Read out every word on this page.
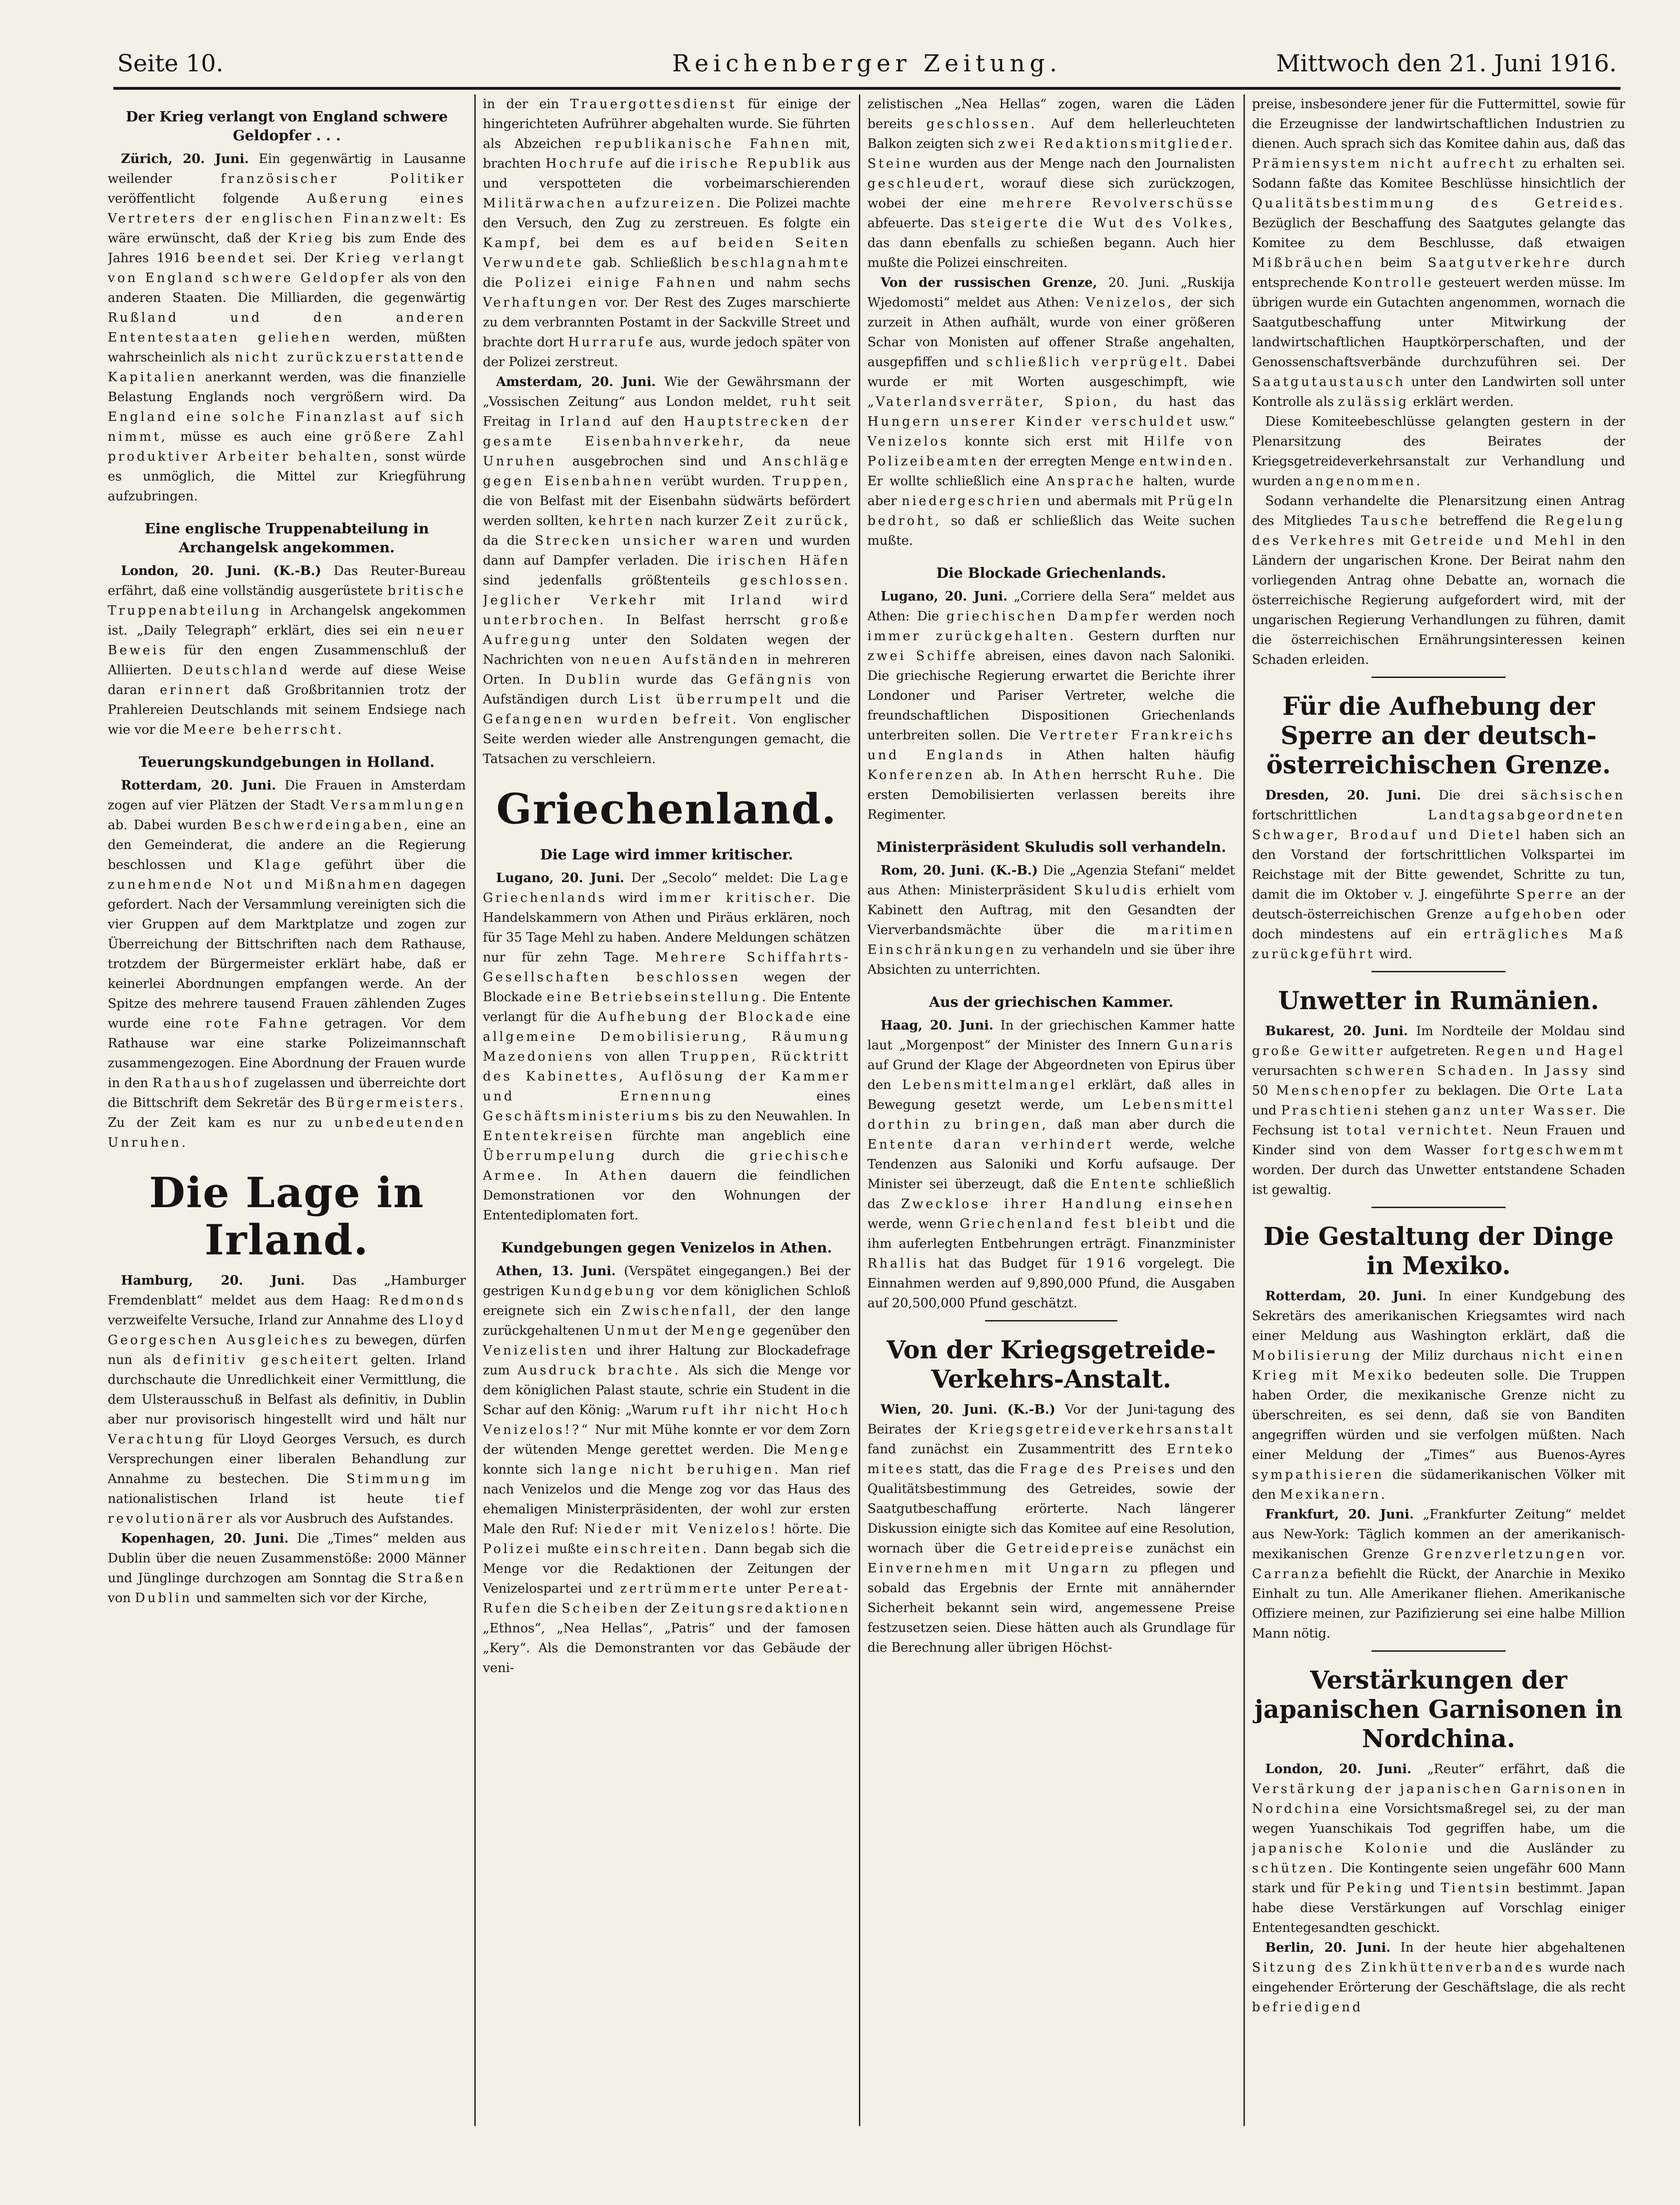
Seite 10.	Reichenberger Zeitung.	Mittwoch den 21. Juni 1916.
Der Krieg verlangt von England schwere Geldopfer . . .

Zürich, 20. Juni. Ein gegenwärtig in Lausanne weilender	französischer Politiker veröffentlicht folgende Außerung eines Vertreters der englischen Finanzwelt: Es wäre erwünscht, daß der Krieg bis zum Ende des Jahres 1916 beendet sei. Der Krieg verlangt von England schwere Geldopfer als von den anderen Staaten. Die Milliarden, die gegenwärtig Rußland und den anderen Ententestaaten geliehen werden, müßten wahrscheinlich als nicht zurückzuerstattende Kapitalien anerkannt werden, was die finanzielle Belastung Englands noch vergrößern wird. Da England eine solche Finanzlast auf sich nimmt, müsse es auch eine größere Zahl produktiver Arbeiter behalten, sonst würde es unmöglich, die Mittel zur Kriegführung aufzubringen.

Eine englische Truppenabteilung in Archangelsk angekommen.

London, 20. Juni. (K.-B.) Das Reuter-Bureau erfährt, daß eine vollständig ausgerüstete britische Truppenabteilung in Archangelsk angekommen ist. „Daily Telegraph“ erklärt, dies sei ein neuer Beweis für den engen Zusammenschluß der Alliierten. Deutschland werde auf diese Weise daran erinnert daß Großbritannien trotz der Prahlereien Deutschlands mit seinem Endsiege nach wie vor die Meere beherrscht.

Teuerungskundgebungen in Holland.

Rotterdam, 20. Juni. Die Frauen in Amsterdam zogen auf vier Plätzen der Stadt Versammlungen ab. Dabei wurden Beschwerdeingaben, eine an den Gemeinderat, die andere an die Regierung beschlossen und Klage geführt über die zunehmende Not und Mißnahmen dagegen gefordert. Nach der Versammlung vereinigten sich die vier Gruppen auf dem Marktplatze und zogen zur Überreichung der Bittschriften nach dem Rathause, trotzdem der Bürgermeister erklärt habe, daß er keinerlei Abordnungen empfangen werde. An der Spitze des mehrere tausend Frauen zählenden Zuges wurde eine rote Fahne getragen. Vor dem Rathause war eine starke Polizeimannschaft zusammengezogen. Eine Abordnung der Frauen wurde in den Rathaushof zugelassen und überreichte dort die Bittschrift dem Sekretär des Bürgermeisters. Zu der Zeit kam es nur zu unbedeutenden Unruhen.

Die Lage in Irland.

Hamburg, 20. Juni. Das „Hamburger Fremdenblatt“ meldet aus dem Haag: Redmonds verzweifelte Versuche, Irland zur Annahme des Lloyd Georgeschen Ausgleiches zu bewegen, dürfen nun als definitiv gescheitert gelten. Irland durchschaute die Unredlichkeit einer Vermittlung, die dem Ulsterausschuß in Belfast als definitiv, in Dublin aber nur provisorisch hingestellt wird und hält nur Verachtung für Lloyd Georges Versuch, es durch Versprechungen einer liberalen Behandlung zur Annahme zu bestechen. Die Stimmung im nationalistischen Irland ist heute tief revolutionärer als vor Ausbruch des Aufstandes.

Kopenhagen, 20. Juni. Die „Times“ melden aus Dublin über die neuen Zusammenstöße: 2000 Männer und Jünglinge durchzogen am Sonntag die Straßen von Dublin und sammelten sich vor der Kirche,

in der ein Trauergottesdienst für einige der hingerichteten Aufrührer abgehalten wurde. Sie führten als Abzeichen republikanische Fahnen mit, brachten Hochrufe auf die irische Republik aus und verspotteten die vorbeimarschierenden Militärwachen aufzureizen. Die Polizei machte den Versuch, den Zug zu zerstreuen. Es folgte ein Kampf, bei dem es auf beiden Seiten Verwundete gab. Schließlich beschlagnahmte die Polizei einige Fahnen und nahm sechs Verhaftungen vor. Der Rest des Zuges marschierte zu dem verbrannten Postamt in der Sackville Street und brachte dort Hurrarufe aus, wurde jedoch später von der Polizei zerstreut.

Amsterdam, 20. Juni. Wie der Gewährsmann der „Vossischen Zeitung“ aus London meldet, ruht seit Freitag in Irland auf den Hauptstrecken der gesamte Eisenbahnverkehr, da neue Unruhen ausgebrochen sind und Anschläge gegen Eisenbahnen verübt wurden. Truppen, die von Belfast mit der Eisenbahn südwärts befördert werden sollten, kehrten nach kurzer Zeit zurück, da die Strecken unsicher waren und wurden dann auf Dampfer verladen. Die irischen Häfen sind jedenfalls größtenteils geschlossen. Jeglicher Verkehr mit Irland wird unterbrochen. In Belfast herrscht große Aufregung unter den Soldaten wegen der Nachrichten von neuen Aufständen in mehreren Orten. In Dublin wurde das Gefängnis von Aufständigen durch List überrumpelt und die Gefangenen wurden befreit. Von englischer Seite werden wieder alle Anstrengungen gemacht, die Tatsachen zu verschleiern.

Griechenland.
Die Lage wird immer kritischer.

Lugano, 20. Juni. Der „Secolo“ meldet: Die Lage Griechenlands wird immer kritischer. Die Handelskammern von Athen und Piräus erklären, noch für 35 Tage Mehl zu haben. Andere Meldungen schätzen nur für zehn Tage. Mehrere Schiffahrts-Gesellschaften beschlossen wegen der Blockade eine Betriebseinstellung. Die Entente verlangt für die Aufhebung der Blockade eine allgemeine Demobilisierung, Räumung Mazedoniens von allen Truppen, Rücktritt des Kabinettes, Auflösung der Kammer und Ernennung	eines Geschäftsministeriums bis zu den Neuwahlen. In Ententekreisen fürchte man angeblich eine Überrumpelung durch die griechische Armee. In Athen dauern die feindlichen Demonstrationen vor den Wohnungen der Ententediplomaten fort.

Kundgebungen gegen Venizelos in Athen.

Athen, 13. Juni. (Verspätet eingegangen.) Bei der gestrigen Kundgebung vor dem königlichen Schloß ereignete sich ein Zwischenfall, der den lange zurückgehaltenen Unmut der Menge gegenüber den Venizelisten und ihrer Haltung zur Blockadefrage zum Ausdruck brachte. Als sich die Menge vor dem königlichen Palast staute, schrie ein Student in die Schar auf den König: „Warum ruft ihr nicht Hoch Venizelos!?“ Nur mit Mühe konnte er vor dem Zorn der wütenden Menge gerettet werden. Die Menge konnte sich lange nicht beruhigen. Man rief nach Venizelos und die Menge zog vor das Haus des ehemaligen Ministerpräsidenten, der wohl zur ersten Male den Ruf: Nieder mit Venizelos! hörte. Die Polizei mußte einschreiten. Dann begab sich die Menge vor die Redaktionen der Zeitungen der Venizelospartei und zertrümmerte unter Pereat-Rufen die Scheiben der Zeitungsredaktionen „Ethnos“, „Nea Hellas“, „Patris“ und der famosen „Kery“. Als die Demonstranten vor das Gebäude der veni-

zelistischen „Nea Hellas“ zogen, waren die Läden bereits geschlossen. Auf dem hellerleuchteten Balkon zeigten sich zwei Redaktionsmitglieder. Steine wurden aus der Menge nach den Journalisten geschleudert, worauf diese sich zurückzogen, wobei der eine mehrere Revolverschüsse abfeuerte. Das steigerte die Wut des Volkes, das dann ebenfalls zu schießen begann. Auch hier mußte die Polizei einschreiten.

Von der russischen Grenze, 20. Juni. „Ruskija Wjedomosti“ meldet aus Athen: Venizelos, der sich zurzeit in Athen aufhält, wurde von einer größeren Schar von Monisten auf offener Straße angehalten, ausgepfiffen und schließlich verprügelt. Dabei wurde er mit Worten ausgeschimpft, wie „Vaterlandsverräter, Spion, du hast das Hungern unserer Kinder verschuldet usw.“ Venizelos konnte sich erst mit Hilfe von Polizeibeamten der erregten Menge entwinden. Er wollte schließlich eine Ansprache halten, wurde aber niedergeschrien und abermals mit Prügeln bedroht, so daß er schließlich das Weite suchen mußte.

Die Blockade Griechenlands.

Lugano, 20. Juni. „Corriere della Sera“ meldet aus Athen: Die griechischen Dampfer werden noch immer zurückgehalten. Gestern durften nur zwei Schiffe abreisen, eines davon nach Saloniki. Die griechische Regierung erwartet die Berichte ihrer Londoner und Pariser Vertreter, welche die freundschaftlichen Dispositionen Griechenlands unterbreiten sollen. Die Vertreter Frankreichs und Englands in Athen halten häufig Konferenzen ab. In Athen herrscht Ruhe. Die ersten Demobilisierten verlassen bereits ihre Regimenter.

Ministerpräsident Skuludis soll verhandeln.

Rom, 20. Juni. (K.-B.) Die „Agenzia Stefani“ meldet aus Athen: Ministerpräsident Skuludis erhielt vom Kabinett den Auftrag, mit den Gesandten der Vierverbandsmächte über die maritimen Einschränkungen zu verhandeln und sie über ihre Absichten zu unterrichten.

Aus der griechischen Kammer.

Haag, 20. Juni. In der griechischen Kammer hatte laut „Morgenpost“ der Minister des Innern Gunaris auf Grund der Klage der Abgeordneten von Epirus über den Lebensmittelmangel erklärt, daß alles in Bewegung gesetzt werde, um Lebensmittel dorthin zu bringen, daß man aber durch die Entente daran verhindert werde, welche Tendenzen aus Saloniki und Korfu aufsauge. Der Minister sei überzeugt, daß die Entente schließlich das Zwecklose ihrer Handlung einsehen werde, wenn Griechenland fest bleibt und die ihm auferlegten Entbehrungen erträgt. Finanzminister Rhallis hat das Budget für 1916 vorgelegt. Die Einnahmen werden auf 9,890,000 Pfund, die Ausgaben auf 20,500,000 Pfund geschätzt.

Von der Kriegsgetreide-Verkehrs-Anstalt.

Wien, 20. Juni. (K.-B.) Vor der Juni-tagung des Beirates der Kriegsgetreideverkehrsanstalt fand zunächst ein Zusammentritt des Ernteko mitees statt, das die Frage des Preises und den Qualitätsbestimmung des Getreides, sowie der Saatgutbeschaffung erörterte. Nach längerer Diskussion einigte sich das Komitee auf eine Resolution, wornach über die Getreidepreise zunächst ein Einvernehmen mit Ungarn zu pflegen und sobald das Ergebnis der Ernte mit annähernder Sicherheit bekannt sein wird, angemessene Preise festzusetzen seien. Diese hätten auch als Grundlage für die Berechnung aller übrigen Höchst-

preise, insbesondere jener für die Futtermittel, sowie für die Erzeugnisse der landwirtschaftlichen Industrien zu dienen. Auch sprach sich das Komitee dahin aus, daß das Prämiensystem nicht aufrecht zu erhalten sei. Sodann faßte das Komitee Beschlüsse hinsichtlich der Qualitätsbestimmung des Getreides. Bezüglich der Beschaffung des Saatgutes gelangte das Komitee zu dem Beschlusse, daß etwaigen Mißbräuchen beim Saatgutverkehre durch entsprechende Kontrolle gesteuert werden müsse. Im übrigen wurde ein Gutachten angenommen, wornach die Saatgutbeschaffung unter Mitwirkung der landwirtschaftlichen Hauptkörperschaften, und der Genossenschaftsverbände durchzuführen sei. Der Saatgutaustausch unter den Landwirten soll unter Kontrolle als zulässig erklärt werden.

Diese Komiteebeschlüsse gelangten gestern in der Plenarsitzung des Beirates der Kriegsgetreideverkehrsanstalt zur Verhandlung und wurden angenommen.

Sodann verhandelte die Plenarsitzung einen Antrag des Mitgliedes Tausche betreffend die Regelung des Verkehres mit Getreide und Mehl in den Ländern der ungarischen Krone. Der Beirat nahm den vorliegenden Antrag ohne Debatte an, wornach die österreichische Regierung aufgefordert wird, mit der ungarischen Regierung Verhandlungen zu führen, damit die österreichischen Ernährungsinteressen keinen Schaden erleiden.

Für die Aufhebung der Sperre an der deutsch-österreichischen Grenze.

Dresden, 20. Juni. Die drei sächsischen fortschrittlichen	Landtagsabgeordneten Schwager, Brodauf und Dietel haben sich an den Vorstand der fortschrittlichen Volkspartei im Reichstage mit der Bitte gewendet, Schritte zu tun, damit die im Oktober v. J. eingeführte Sperre an der deutsch-österreichischen Grenze aufgehoben oder doch mindestens auf ein erträgliches Maß zurückgeführt wird.

Unwetter in Rumänien.

Bukarest, 20. Juni. Im Nordteile der Moldau sind große Gewitter aufgetreten. Regen und Hagel verursachten schweren Schaden. In Jassy sind 50 Menschenopfer zu beklagen. Die Orte Lata und Praschtieni stehen ganz unter Wasser. Die Fechsung ist total vernichtet. Neun Frauen und Kinder sind von dem Wasser fortgeschwemmt worden. Der durch das Unwetter entstandene Schaden ist gewaltig.

Die Gestaltung der Dinge in Mexiko.

Rotterdam, 20. Juni. In einer Kundgebung des Sekretärs des amerikanischen Kriegsamtes wird nach einer Meldung aus Washington erklärt, daß die Mobilisierung der Miliz durchaus nicht einen Krieg mit Mexiko bedeuten solle. Die Truppen haben Order, die mexikanische Grenze nicht zu überschreiten, es sei denn, daß sie von Banditen angegriffen würden und sie verfolgen müßten. Nach einer Meldung der „Times“ aus Buenos-Ayres sympathisieren die südamerikanischen Völker mit den Mexikanern.

Frankfurt, 20. Juni. „Frankfurter Zeitung“ meldet aus New-York: Täglich kommen an der amerikanisch-mexikanischen Grenze Grenzverletzungen vor. Carranza befiehlt die Rückt, der Anarchie in Mexiko Einhalt zu tun. Alle Amerikaner fliehen. Amerikanische Offiziere meinen, zur Pazifizierung sei eine halbe Million Mann nötig.

Verstärkungen der japanischen Garnisonen in Nordchina.

London, 20. Juni. „Reuter“ erfährt, daß die Verstärkung der japanischen Garnisonen in Nordchina eine Vorsichtsmaßregel sei, zu der man wegen Yuanschikais Tod gegriffen habe, um die japanische Kolonie und die Ausländer zu schützen. Die Kontingente seien ungefähr 600 Mann stark und für Peking und Tientsin bestimmt. Japan habe diese Verstärkungen auf Vorschlag einiger Ententegesandten geschickt.

Berlin, 20. Juni. In der heute hier abgehaltenen Sitzung des Zinkhüttenverbandes wurde nach eingehender Erörterung der Geschäftslage, die als recht befriedigend
